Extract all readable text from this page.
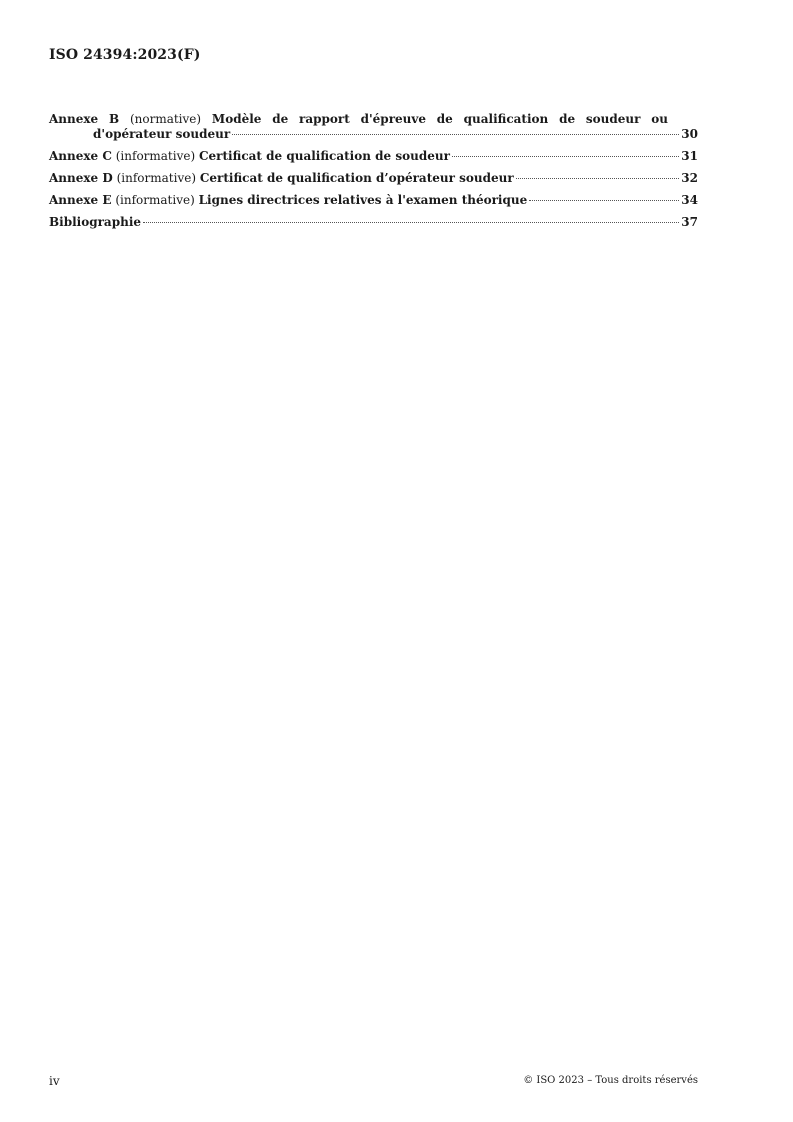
ISO 24394:2023(F)
Annexe B (normative) Modèle de rapport d'épreuve de qualification de soudeur ou
d'opérateur soudeur	30
Annexe C (informative) Certificat de qualification de soudeur	31
Annexe D (informative) Certificat de qualification d’opérateur soudeur	32
Annexe E (informative) Lignes directrices relatives à l'examen théorique	34
Bibliographie	37
iv	© ISO 2023 – Tous droits réservés
